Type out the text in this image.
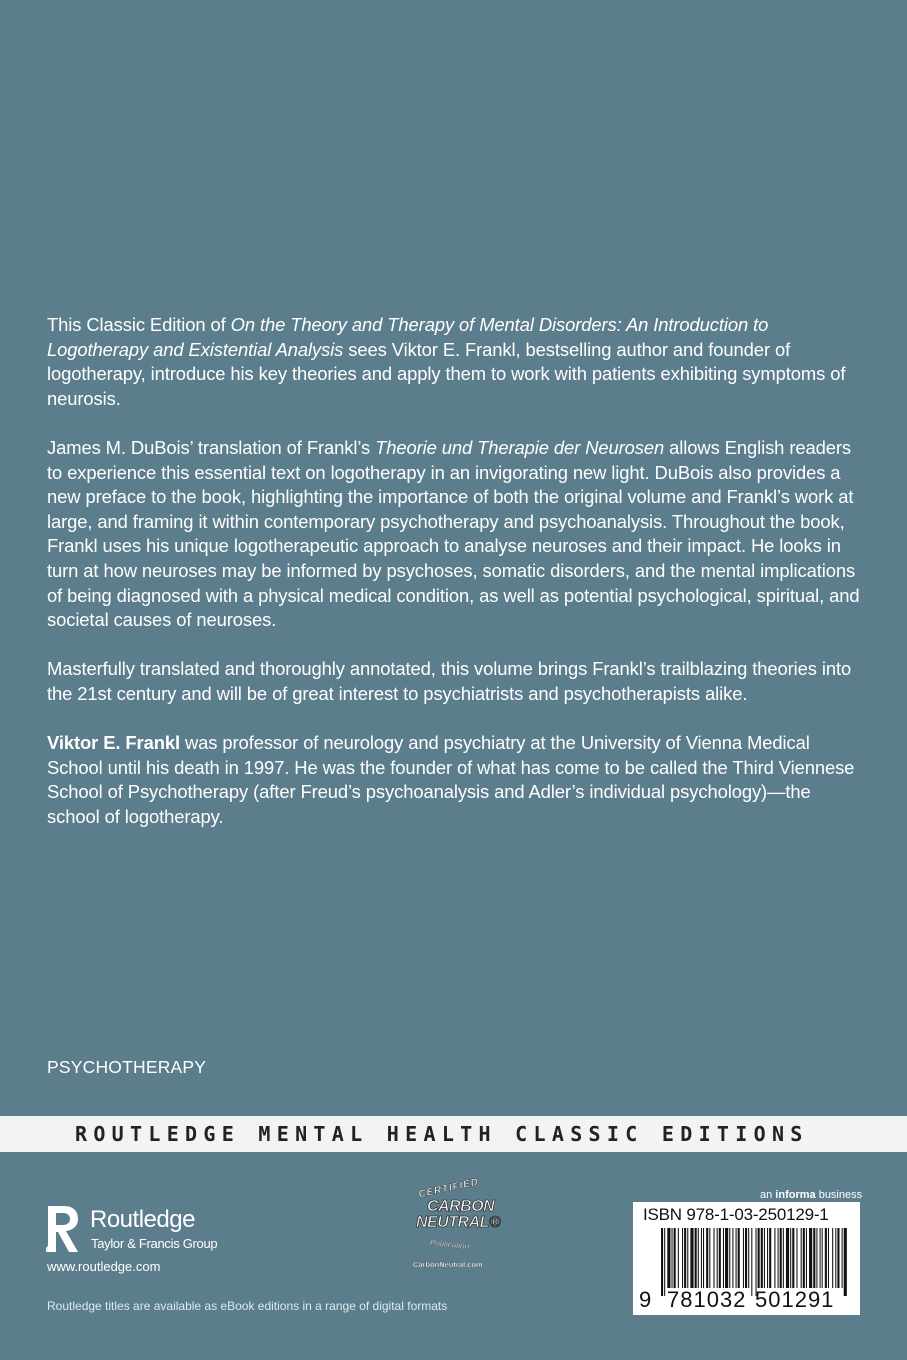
This Classic Edition of On the Theory and Therapy of Mental Disorders: An Introduction to Logotherapy and Existential Analysis sees Viktor E. Frankl, bestselling author and founder of logotherapy, introduce his key theories and apply them to work with patients exhibiting symptoms of neurosis.

James M. DuBois’ translation of Frankl’s Theorie und Therapie der Neurosen allows English readers to experience this essential text on logotherapy in an invigorating new light. DuBois also provides a new preface to the book, highlighting the importance of both the original volume and Frankl’s work at large, and framing it within contemporary psychotherapy and psychoanalysis. Throughout the book, Frankl uses his unique logotherapeutic approach to analyse neuroses and their impact. He looks in turn at how neuroses may be informed by psychoses, somatic disorders, and the mental implications of being diagnosed with a physical medical condition, as well as potential psychological, spiritual, and societal causes of neuroses.

Masterfully translated and thoroughly annotated, this volume brings Frankl’s trailblazing theories into the 21st century and will be of great interest to psychiatrists and psychotherapists alike.

Viktor E. Frankl was professor of neurology and psychiatry at the University of Vienna Medical School until his death in 1997. He was the founder of what has come to be called the Third Viennese School of Psychotherapy (after Freud’s psychoanalysis and Adler’s individual psychology)—the school of logotherapy.

PSYCHOTHERAPY
ROUTLEDGE MENTAL HEALTH CLASSIC EDITIONS
Routledge
Taylor & Francis Group
www.routledge.com
Routledge titles are available as eBook editions in a range of digital formats
CERTIFIED
CARBON
NEUTRAL®
Publication
CarbonNeutral.com
an informa business
ISBN 978-1-03-250129-1
9 781032 501291
